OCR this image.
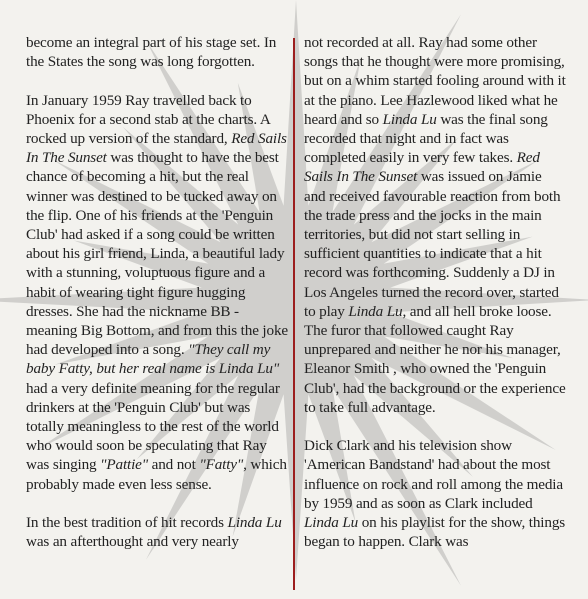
become an integral part of his stage set. In the States the song was long forgotten.

In January 1959 Ray travelled back to Phoenix for a second stab at the charts. A rocked up version of the standard, Red Sails In The Sunset was thought to have the best chance of becoming a hit, but the real winner was destined to be tucked away on the flip. One of his friends at the 'Penguin Club' had asked if a song could be written about his girl friend, Linda, a beautiful lady with a stunning, voluptuous figure and a habit of wearing tight figure hugging dresses. She had the nickname BB - meaning Big Bottom, and from this the joke had developed into a song. "They call my baby Fatty, but her real name is Linda Lu" had a very definite meaning for the regular drinkers at the 'Penguin Club' but was totally meaningless to the rest of the world who would soon be speculating that Ray was singing "Pattie" and not "Fatty", which probably made even less sense.

In the best tradition of hit records Linda Lu was an afterthought and very nearly

not recorded at all. Ray had some other songs that he thought were more promising, but on a whim started fooling around with it at the piano. Lee Hazlewood liked what he heard and so Linda Lu was the final song recorded that night and in fact was completed easily in very few takes. Red Sails In The Sunset was issued on Jamie and received favourable reaction from both the trade press and the jocks in the main territories, but did not start selling in sufficient quantities to indicate that a hit record was forthcoming. Suddenly a DJ in Los Angeles turned the record over, started to play Linda Lu, and all hell broke loose. The furor that followed caught Ray unprepared and neither he nor his manager, Eleanor Smith , who owned the 'Penguin Club', had the background or the experience to take full advantage.

Dick Clark and his television show 'American Bandstand' had about the most influence on rock and roll among the media by 1959 and as soon as Clark included Linda Lu on his playlist for the show, things began to happen. Clark was
